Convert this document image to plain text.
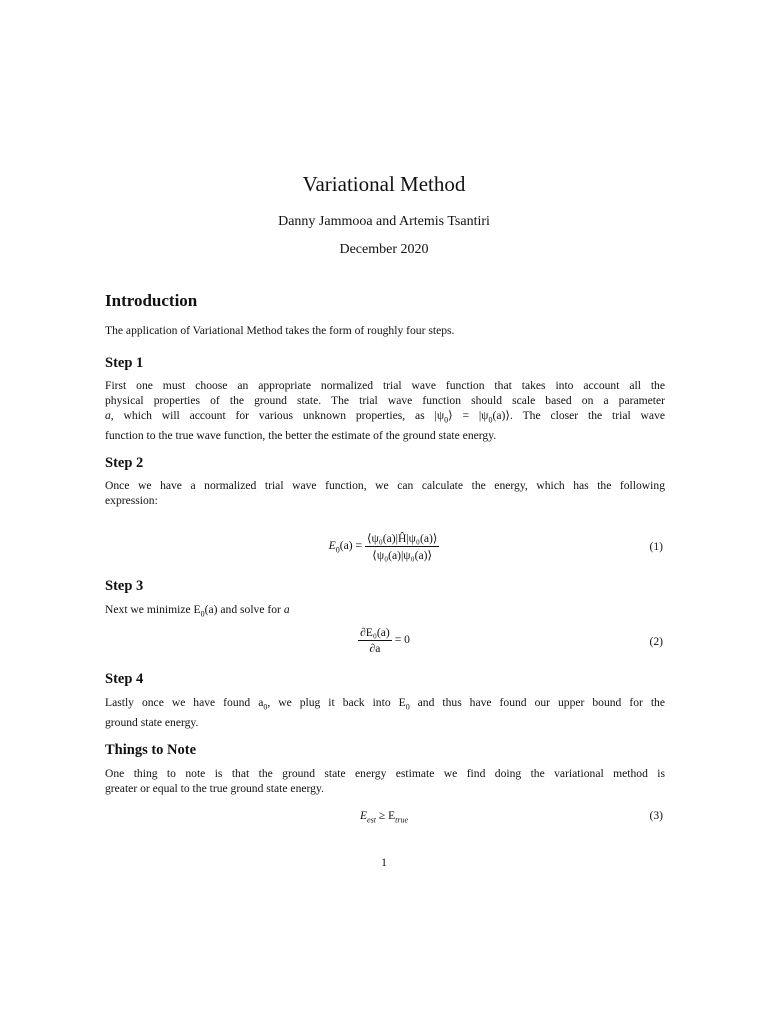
Variational Method
Danny Jammooa and Artemis Tsantiri
December 2020
Introduction
The application of Variational Method takes the form of roughly four steps.
Step 1
First one must choose an appropriate normalized trial wave function that takes into account all the
physical properties of the ground state. The trial wave function should scale based on a parameter
a, which will account for various unknown properties, as $|\psi_0⟩$ = $|\psi_0(a)⟩$. The closer the trial wave
function to the true wave function, the better the estimate of the ground state energy.
Step 2
Once we have a normalized trial wave function, we can calculate the energy, which has the following
expression:
$E_0(a) = \frac{\text{⟨ψ₀(a)|Ĥ|ψ₀(a)⟩}}{\text{⟨ψ₀(a)|ψ₀(a)⟩}}$	(1)
Step 3
Next we minimize $E_0(a)$ and solve for a
$\frac{\text{∂E₀(a)}}{\partial a} = 0$	(2)
Step 4
Lastly once we have found $a_0$, we plug it back into $E_0$ and thus have found our upper bound for the
ground state energy.
Things to Note
One thing to note is that the ground state energy estimate we find doing the variational method is
greater or equal to the true ground state energy.
$E_{est} \ge E_{true}$	(3)
1
